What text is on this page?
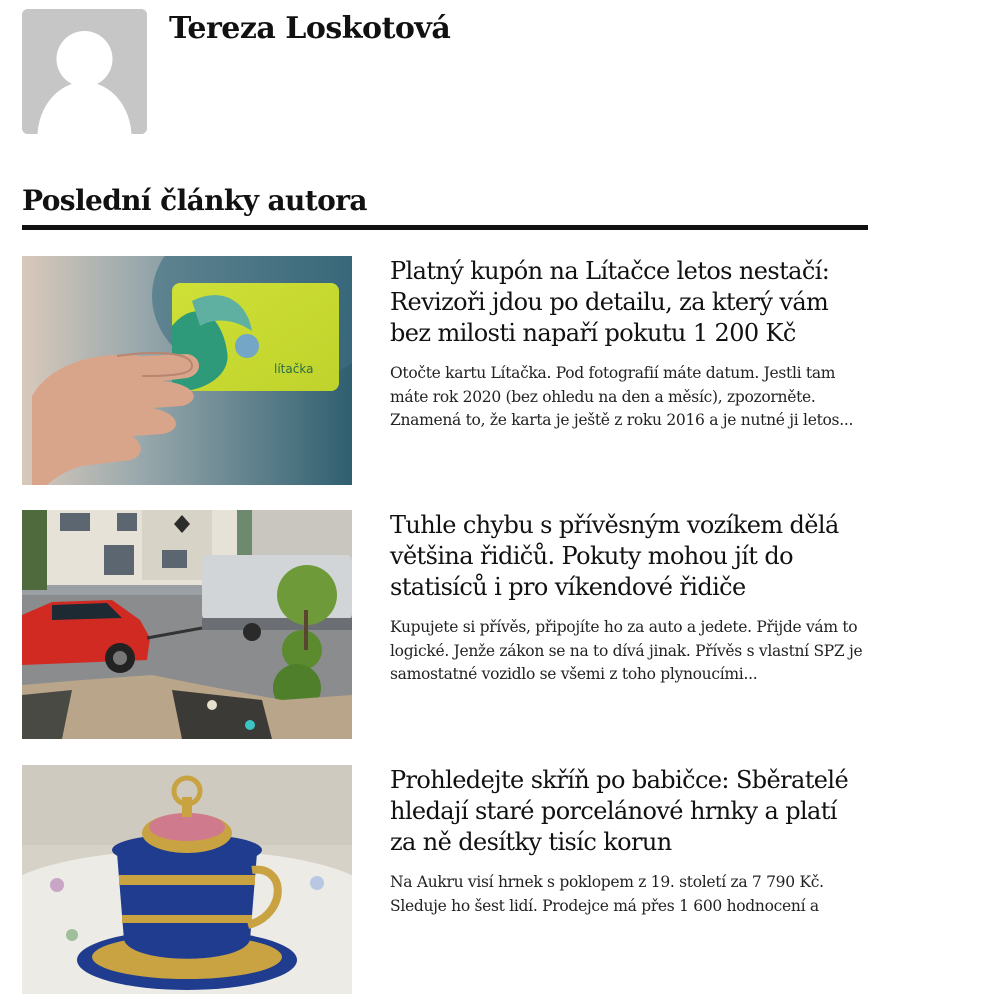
Tereza Loskotová
Poslední články autora
lítačka
Platný kupón na Lítačce letos nestačí: Revizoři jdou po detailu, za který vám bez milosti napaří pokutu 1 200 Kč
Otočte kartu Lítačka. Pod fotografií máte datum. Jestli tam máte rok 2020 (bez ohledu na den a měsíc), zpozorněte. Znamená to, že karta je ještě z roku 2016 a je nutné ji letos...
Tuhle chybu s přívěsným vozíkem dělá většina řidičů. Pokuty mohou jít do statisíců i pro víkendové řidiče
Kupujete si přívěs, připojíte ho za auto a jedete. Přijde vám to logické. Jenže zákon se na to dívá jinak. Přívěs s vlastní SPZ je samostatné vozidlo se všemi z toho plynoucími...
Prohledejte skříň po babičce: Sběratelé hledají staré porcelánové hrnky a platí za ně desítky tisíc korun
Na Aukru visí hrnek s poklopem z 19. století za 7 790 Kč. Sleduje ho šest lidí. Prodejce má přes 1 600 hodnocení a
